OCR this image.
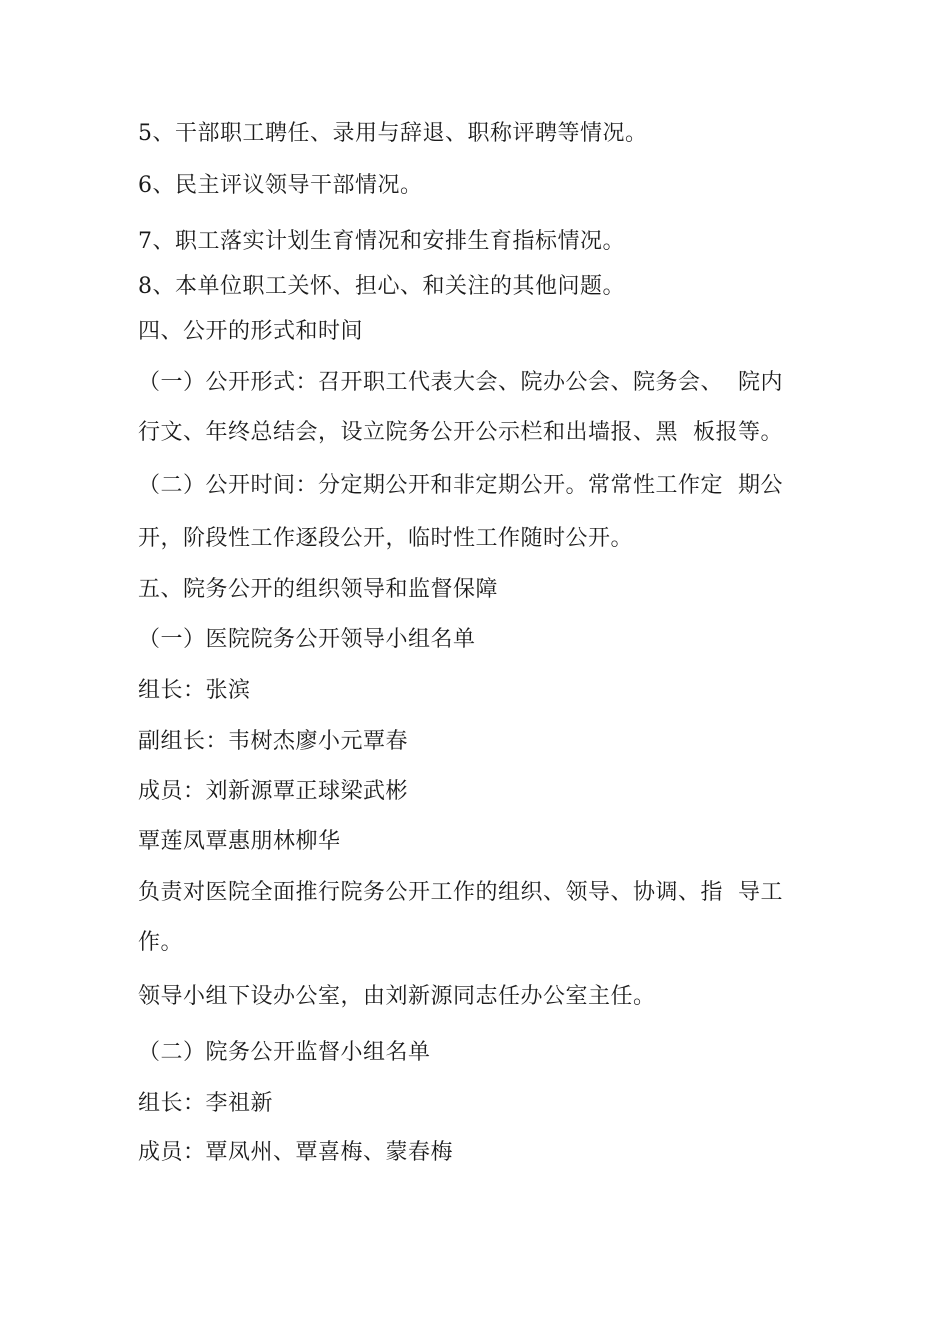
5、干部职工聘任、录用与辞退、职称评聘等情况。

6、民主评议领导干部情况。

7、职工落实计划生育情况和安排生育指标情况。

8、本单位职工关怀、担心、和关注的其他问题。

四、公开的形式和时间

（一）公开形式：召开职工代表大会、院办公会、院务会、  院内

行文、年终总结会，设立院务公开公示栏和出墙报、黑  板报等。

（二）公开时间：分定期公开和非定期公开。常常性工作定  期公

开，阶段性工作逐段公开，临时性工作随时公开。

五、院务公开的组织领导和监督保障

（一）医院院务公开领导小组名单

组长：张滨

副组长：韦树杰廖小元覃春

成员：刘新源覃正球梁武彬

覃莲凤覃惠朋林柳华

负责对医院全面推行院务公开工作的组织、领导、协调、指  导工

作。

领导小组下设办公室，由刘新源同志任办公室主任。

（二）院务公开监督小组名单

组长：李祖新

成员：覃凤州、覃喜梅、蒙春梅
